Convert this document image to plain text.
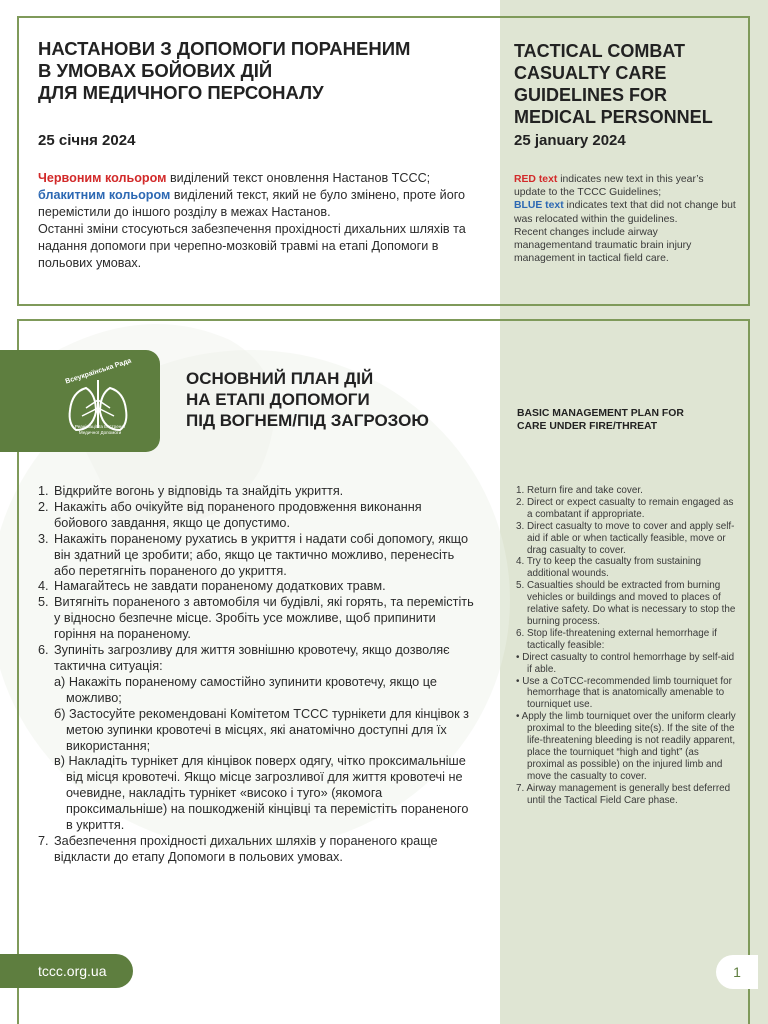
НАСТАНОВИ З ДОПОМОГИ ПОРАНЕНИМ
В УМОВАХ БОЙОВИХ ДІЙ
ДЛЯ МЕДИЧНОГО ПЕРСОНАЛУ
25 січня 2024
Червоним кольором виділений текст оновлення Настанов ТССС;
блакитним кольором виділений текст, який не було змінено, проте його перемістили до іншого розділу в межах Настанов.
Останні зміни стосуються забезпечення прохідності дихальних шляхів та надання допомоги при черепно-мозковій травмі на етапі Допомоги в польових умовах.
TACTICAL COMBAT
CASUALTY CARE
GUIDELINES FOR
MEDICAL PERSONNEL
25 january 2024
RED text indicates new text in this year’s update to the TCCC Guidelines;
BLUE text indicates text that did not change but was relocated within the guidelines.
Recent changes include airway managementand traumatic brain injury management in tactical field care.
Всеукраїнська Рада
Реанімації та Екстреної
Медичної Допомоги
ОСНОВНИЙ ПЛАН ДІЙ
НА ЕТАПІ ДОПОМОГИ
ПІД ВОГНЕМ/ПІД ЗАГРОЗОЮ	BASIC MANAGEMENT PLAN FOR
CARE UNDER FIRE/THREAT
1. Відкрийте вогонь у відповідь та знайдіть укриття.
2. Накажіть або очікуйте від пораненого продовження виконання бойового завдання, якщо це допустимо.
3. Накажіть пораненому рухатись в укриття і надати собі допомогу, якщо він здатний це зробити; або, якщо це тактично можливо, перенесіть або перетягніть пораненого до укриття.
4. Намагайтесь не завдати пораненому додаткових травм.
5. Витягніть пораненого з автомобіля чи будівлі, які горять, та перемістіть у відносно безпечне місце. Зробіть усе можливе, щоб припинити горіння на пораненому.
6. Зупиніть загрозливу для життя зовнішню кровотечу, якщо дозволяє тактична ситуація:
а) Накажіть пораненому самостійно зупинити кровотечу, якщо це можливо;
б) Застосуйте рекомендовані Комітетом ТССС турнікети для кінцівок з метою зупинки кровотечі в місцях, які анатомічно доступні для їх використання;
в) Накладіть турнікет для кінцівок поверх одягу, чітко проксимальніше від місця кровотечі. Якщо місце загрозливої для життя кровотечі не очевидне, накладіть турнікет «високо і туго» (якомога проксимальніше) на пошкодженій кінцівці та перемістіть пораненого в укриття.
7. Забезпечення прохідності дихальних шляхів у пораненого краще відкласти до етапу Допомоги в польових умовах.
1. Return fire and take cover.
2. Direct or expect casualty to remain engaged as a combatant if appropriate.
3. Direct casualty to move to cover and apply self-aid if able or when tactically feasible, move or drag casualty to cover.
4. Try to keep the casualty from sustaining additional wounds.
5. Casualties should be extracted from burning vehicles or buildings and moved to places of relative safety. Do what is necessary to stop the burning process.
6. Stop life-threatening external hemorrhage if tactically feasible:
• Direct casualty to control hemorrhage by self-aid if able.
• Use a CoTCC-recommended limb tourniquet for hemorrhage that is anatomically amenable to tourniquet use.
• Apply the limb tourniquet over the uniform clearly proximal to the bleeding site(s). If the site of the life-threatening bleeding is not readily apparent, place the tourniquet “high and tight” (as proximal as possible) on the injured limb and move the casualty to cover.
7. Airway management is generally best deferred until the Tactical Field Care phase.
tccc.org.ua	1
